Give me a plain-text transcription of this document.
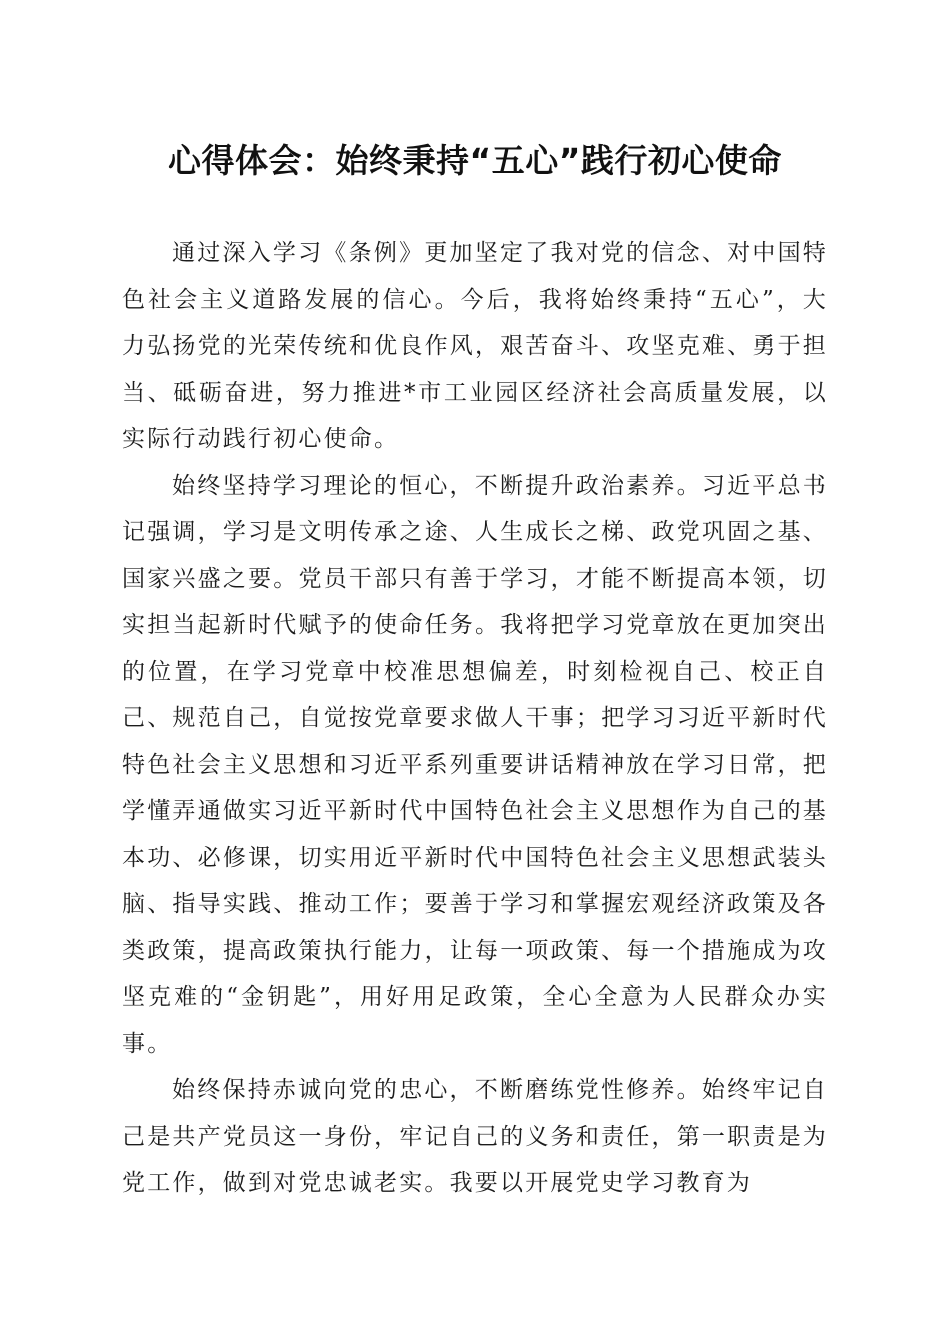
心得体会：始终秉持“五心”践行初心使命

通过深入学习《条例》更加坚定了我对党的信念、对中国特色社会主义道路发展的信心。今后，我将始终秉持“五心”，大力弘扬党的光荣传统和优良作风，艰苦奋斗、攻坚克难、勇于担当、砥砺奋进，努力推进*市工业园区经济社会高质量发展，以实际行动践行初心使命。

始终坚持学习理论的恒心，不断提升政治素养。习近平总书记强调，学习是文明传承之途、人生成长之梯、政党巩固之基、国家兴盛之要。党员干部只有善于学习，才能不断提高本领，切实担当起新时代赋予的使命任务。我将把学习党章放在更加突出的位置，在学习党章中校准思想偏差，时刻检视自己、校正自己、规范自己，自觉按党章要求做人干事；把学习习近平新时代特色社会主义思想和习近平系列重要讲话精神放在学习日常，把学懂弄通做实习近平新时代中国特色社会主义思想作为自己的基本功、必修课，切实用近平新时代中国特色社会主义思想武装头脑、指导实践、推动工作；要善于学习和掌握宏观经济政策及各类政策，提高政策执行能力，让每一项政策、每一个措施成为攻坚克难的“金钥匙”，用好用足政策，全心全意为人民群众办实事。

始终保持赤诚向党的忠心，不断磨练党性修养。始终牢记自己是共产党员这一身份，牢记自己的义务和责任，第一职责是为党工作，做到对党忠诚老实。我要以开展党史学习教育为
